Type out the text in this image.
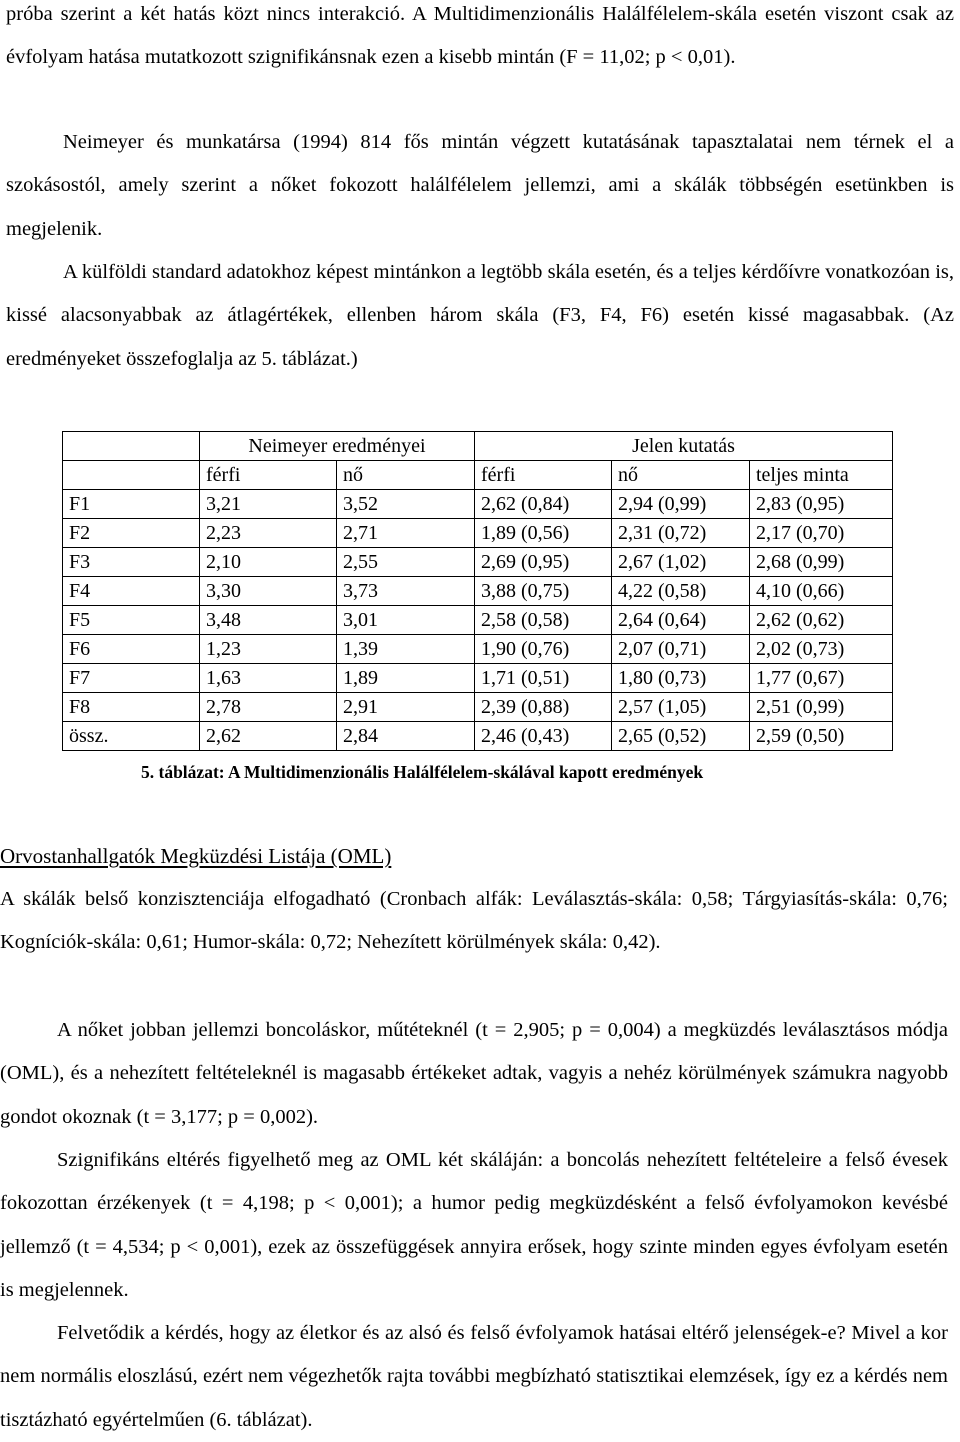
próba szerint a két hatás közt nincs interakció. A Multidimenzionális Halálfélelem-skála esetén viszont csak az évfolyam hatása mutatkozott szignifikánsnak ezen a kisebb mintán (F = 11,02; p < 0,01).

Neimeyer és munkatársa (1994) 814 fős mintán végzett kutatásának tapasztalatai nem térnek el a szokásostól, amely szerint a nőket fokozott halálfélelem jellemzi, ami a skálák többségén esetünkben is megjelenik.

A külföldi standard adatokhoz képest mintánkon a legtöbb skála esetén, és a teljes kérdőívre vonatkozóan is, kissé alacsonyabbak az átlagértékek, ellenben három skála (F3, F4, F6) esetén kissé magasabbak. (Az eredményeket összefoglalja az 5. táblázat.)

	Neimeyer eredményei		Jelen kutatás		
	férfi	nő	férfi	nő	teljes minta
F1	3,21	3,52	2,62 (0,84)	2,94 (0,99)	2,83 (0,95)
F2	2,23	2,71	1,89 (0,56)	2,31 (0,72)	2,17 (0,70)
F3	2,10	2,55	2,69 (0,95)	2,67 (1,02)	2,68 (0,99)
F4	3,30	3,73	3,88 (0,75)	4,22 (0,58)	4,10 (0,66)
F5	3,48	3,01	2,58 (0,58)	2,64 (0,64)	2,62 (0,62)
F6	1,23	1,39	1,90 (0,76)	2,07 (0,71)	2,02 (0,73)
F7	1,63	1,89	1,71 (0,51)	1,80 (0,73)	1,77 (0,67)
F8	2,78	2,91	2,39 (0,88)	2,57 (1,05)	2,51 (0,99)
össz.	2,62	2,84	2,46 (0,43)	2,65 (0,52)	2,59 (0,50)
5. táblázat: A Multidimenzionális Halálfélelem-skálával kapott eredmények
Orvostanhallgatók Megküzdési Listája (OML)

A skálák belső konzisztenciája elfogadható (Cronbach alfák: Leválasztás-skála: 0,58; Tárgyiasítás-skála: 0,76; Kogníciók-skála: 0,61; Humor-skála: 0,72; Nehezített körülmények skála: 0,42).

A nőket jobban jellemzi boncoláskor, műtéteknél (t = 2,905; p = 0,004) a megküzdés leválasztásos módja (OML), és a nehezített feltételeknél is magasabb értékeket adtak, vagyis a nehéz körülmények számukra nagyobb gondot okoznak (t = 3,177; p = 0,002).

Szignifikáns eltérés figyelhető meg az OML két skáláján: a boncolás nehezített feltételeire a felső évesek fokozottan érzékenyek (t = 4,198; p < 0,001); a humor pedig megküzdésként a felső évfolyamokon kevésbé jellemző (t = 4,534; p < 0,001), ezek az összefüggések annyira erősek, hogy szinte minden egyes évfolyam esetén is megjelennek.

Felvetődik a kérdés, hogy az életkor és az alsó és felső évfolyamok hatásai eltérő jelenségek-e? Mivel a kor nem normális eloszlású, ezért nem végezhetők rajta további megbízható statisztikai elemzések, így ez a kérdés nem tisztázható egyértelműen (6. táblázat).
